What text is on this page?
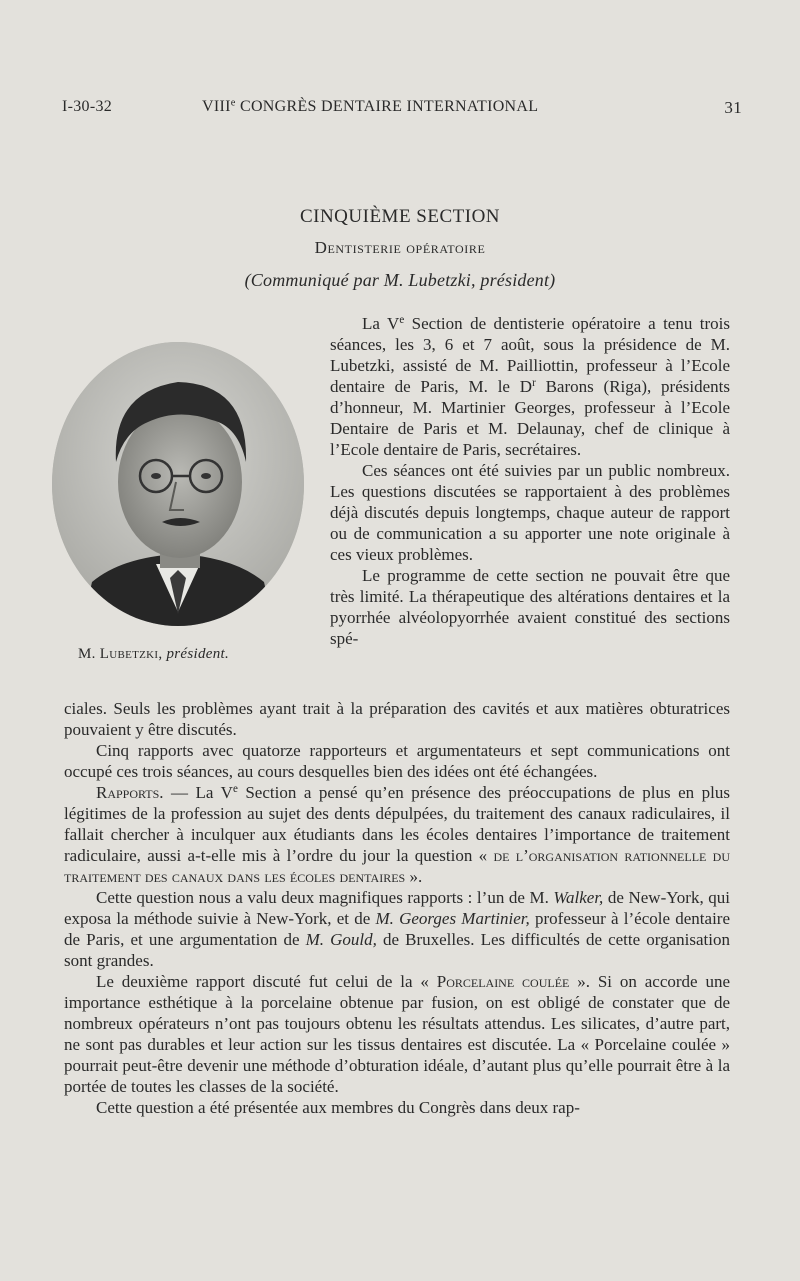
I-30-32	VIIIe CONGRÈS DENTAIRE INTERNATIONAL	31
CINQUIÈME SECTION
Dentisterie opératoire
(Communiqué par M. Lubetzki, président)
M. Lubetzki, président.

La Ve Section de dentisterie opératoire a tenu trois séances, les 3, 6 et 7 août, sous la présidence de M. Lubetzki, assisté de M. Pailliottin, professeur à l’Ecole dentaire de Paris, M. le $D^r$ Barons (Riga), présidents d’honneur, M. Martinier Georges, professeur à l’Ecole Dentaire de Paris et M. Delaunay, chef de clinique à l’Ecole dentaire de Paris, secrétaires.

Ces séances ont été suivies par un public nombreux. Les questions discutées se rapportaient à des problèmes déjà discutés depuis longtemps, chaque auteur de rapport ou de communication a su apporter une note originale à ces vieux problèmes.

Le programme de cette section ne pouvait être que très limité. La thérapeutique des altérations dentaires et la pyorrhée alvéolopyorrhée avaient constitué des sections spé-

ciales. Seuls les problèmes ayant trait à la préparation des cavités et aux matières obturatrices pouvaient y être discutés.

Cinq rapports avec quatorze rapporteurs et argumentateurs et sept communications ont occupé ces trois séances, au cours desquelles bien des idées ont été échangées.

Rapports. — La Ve Section a pensé qu’en présence des préoccupations de plus en plus légitimes de la profession au sujet des dents dépulpées, du traitement des canaux radiculaires, il fallait chercher à inculquer aux étudiants dans les écoles dentaires l’importance de traitement radiculaire, aussi a-t-elle mis à l’ordre du jour la question « de l’organisation rationnelle du traitement des canaux dans les écoles dentaires ».

Cette question nous a valu deux magnifiques rapports : l’un de M. Walker, de New-York, qui exposa la méthode suivie à New-York, et de M. Georges Martinier, professeur à l’école dentaire de Paris, et une argumentation de M. Gould, de Bruxelles. Les difficultés de cette organisation sont grandes.

Le deuxième rapport discuté fut celui de la « Porcelaine coulée ». Si on accorde une importance esthétique à la porcelaine obtenue par fusion, on est obligé de constater que de nombreux opérateurs n’ont pas toujours obtenu les résultats attendus. Les silicates, d’autre part, ne sont pas durables et leur action sur les tissus dentaires est discutée. La « Porcelaine coulée » pourrait peut-être devenir une méthode d’obturation idéale, d’autant plus qu’elle pourrait être à la portée de toutes les classes de la société.

Cette question a été présentée aux membres du Congrès dans deux rap-
